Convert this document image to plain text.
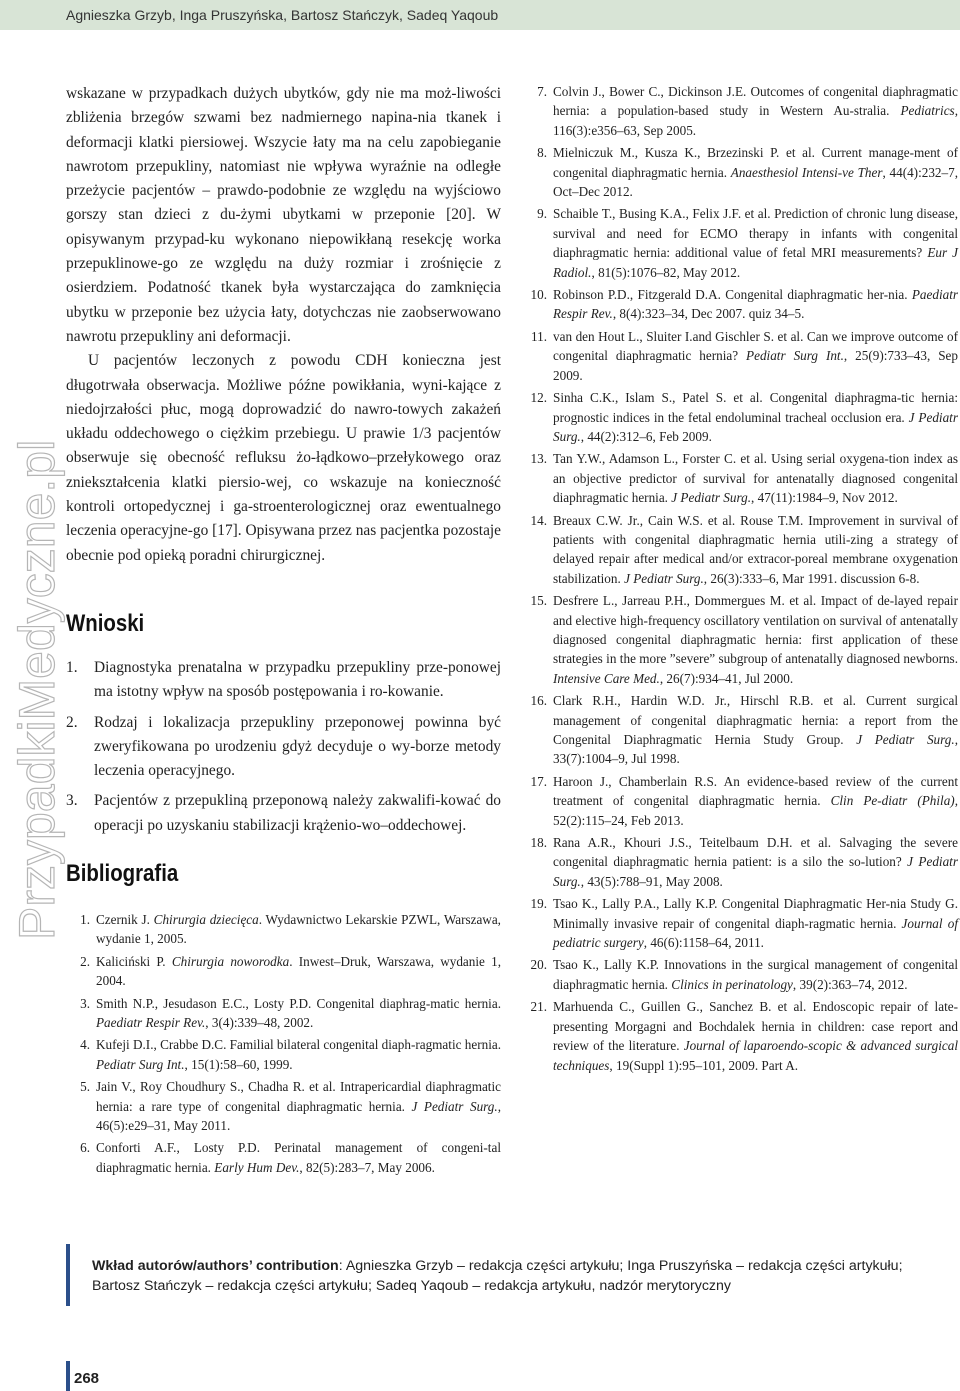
Agnieszka Grzyb, Inga Pruszyńska, Bartosz Stańczyk, Sadeq Yaqoub
PrzypadkiMedyczne.pl

wskazane w przypadkach dużych ubytków, gdy nie ma moż-liwości zbliżenia brzegów szwami bez nadmiernego napina-nia tkanek i deformacji klatki piersiowej. Wszycie łaty ma na celu zapobieganie nawrotom przepukliny, natomiast nie wpływa wyraźnie na odległe przeżycie pacjentów – prawdo-podobnie ze względu na wyjściowo gorszy stan dzieci z du-żymi ubytkami w przeponie [20]. W opisywanym przypad-ku wykonano niepowikłaną resekcję worka przepuklinowe-go ze względu na duży rozmiar i zrośnięcie z osierdziem. Podatność tkanek była wystarczająca do zamknięcia ubytku w przeponie bez użycia łaty, dotychczas nie zaobserwowano nawrotu przepukliny ani deformacji.

U pacjentów leczonych z powodu CDH konieczna jest długotrwała obserwacja. Możliwe późne powikłania, wyni-kające z niedojrzałości płuc, mogą doprowadzić do nawro-towych zakażeń układu oddechowego o ciężkim przebiegu. U prawie 1/3 pacjentów obserwuje się obecność refluksu żo-łądkowo–przełykowego oraz zniekształcenia klatki piersio-wej, co wskazuje na konieczność kontroli ortopedycznej i ga-stroenterologicznej oraz ewentualnego leczenia operacyjne-go [17]. Opisywana przez nas pacjentka pozostaje obecnie pod opieką poradni chirurgicznej.

Wnioski
1.	Diagnostyka prenatalna w przypadku przepukliny prze-ponowej ma istotny wpływ na sposób postępowania i ro-kowanie.
2.	Rodzaj i lokalizacja przepukliny przeponowej powinna być zweryfikowana po urodzeniu gdyż decyduje o wy-borze metody leczenia operacyjnego.
3.	Pacjentów z przepukliną przeponową należy zakwalifi-kować do operacji po uzyskaniu stabilizacji krążenio-wo–oddechowej.
Bibliografia
1. Czernik J. Chirurgia dziecięca. Wydawnictwo Lekarskie PZWL, Warszawa, wydanie 1, 2005.
2. Kaliciński P. Chirurgia noworodka. Inwest–Druk, Warszawa, wydanie 1, 2004.
3. Smith N.P., Jesudason E.C., Losty P.D. Congenital diaphrag-matic hernia. Paediatr Respir Rev., 3(4):339–48, 2002.
4. Kufeji D.I., Crabbe D.C. Familial bilateral congenital diaph-ragmatic hernia. Pediatr Surg Int., 15(1):58–60, 1999.
5. Jain V., Roy Choudhury S., Chadha R. et al. Intrapericardial diaphragmatic hernia: a rare type of congenital diaphragmatic hernia. J Pediatr Surg., 46(5):e29–31, May 2011.
6. Conforti A.F., Losty P.D. Perinatal management of congeni-tal diaphragmatic hernia. Early Hum Dev., 82(5):283–7, May 2006.
7. Colvin J., Bower C., Dickinson J.E. Outcomes of congenital diaphragmatic hernia: a population-based study in Western Au-stralia. Pediatrics, 116(3):e356–63, Sep 2005.
8. Mielniczuk M., Kusza K., Brzezinski P. et al. Current manage-ment of congenital diaphragmatic hernia. Anaesthesiol Intensi-ve Ther, 44(4):232–7, Oct–Dec 2012.
9. Schaible T., Busing K.A., Felix J.F. et al. Prediction of chronic lung disease, survival and need for ECMO therapy in infants with congenital diaphragmatic hernia: additional value of fetal MRI measurements? Eur J Radiol., 81(5):1076–82, May 2012.
10. Robinson P.D., Fitzgerald D.A. Congenital diaphragmatic her-nia. Paediatr Respir Rev., 8(4):323–34, Dec 2007. quiz 34–5.
11. van den Hout L., Sluiter I.and Gischler S. et al. Can we improve outcome of congenital diaphragmatic hernia? Pediatr Surg Int., 25(9):733–43, Sep 2009.
12. Sinha C.K., Islam S., Patel S. et al. Congenital diaphragma-tic hernia: prognostic indices in the fetal endoluminal tracheal occlusion era. J Pediatr Surg., 44(2):312–6, Feb 2009.
13. Tan Y.W., Adamson L., Forster C. et al. Using serial oxygena-tion index as an objective predictor of survival for antenatally diagnosed congenital diaphragmatic hernia. J Pediatr Surg., 47(11):1984–9, Nov 2012.
14. Breaux C.W. Jr., Cain W.S. et al. Rouse T.M. Improvement in survival of patients with congenital diaphragmatic hernia utili-zing a strategy of delayed repair after medical and/or extracor-poreal membrane oxygenation stabilization. J Pediatr Surg., 26(3):333–6, Mar 1991. discussion 6-8.
15. Desfrere L., Jarreau P.H., Dommergues M. et al. Impact of de-layed repair and elective high-frequency oscillatory ventilation on survival of antenatally diagnosed congenital diaphragmatic hernia: first application of these strategies in the more ”severe” subgroup of antenatally diagnosed newborns. Intensive Care Med., 26(7):934–41, Jul 2000.
16. Clark R.H., Hardin W.D. Jr., Hirschl R.B. et al. Current surgical management of congenital diaphragmatic hernia: a report from the Congenital Diaphragmatic Hernia Study Group. J Pediatr Surg., 33(7):1004–9, Jul 1998.
17. Haroon J., Chamberlain R.S. An evidence-based review of the current treatment of congenital diaphragmatic hernia. Clin Pe-diatr (Phila), 52(2):115–24, Feb 2013.
18. Rana A.R., Khouri J.S., Teitelbaum D.H. et al. Salvaging the severe congenital diaphragmatic hernia patient: is a silo the so-lution? J Pediatr Surg., 43(5):788–91, May 2008.
19. Tsao K., Lally P.A., Lally K.P. Congenital Diaphragmatic Her-nia Study G. Minimally invasive repair of congenital diaph-ragmatic hernia. Journal of pediatric surgery, 46(6):1158–64, 2011.
20. Tsao K., Lally K.P. Innovations in the surgical management of congenital diaphragmatic hernia. Clinics in perinatology, 39(2):363–74, 2012.
21. Marhuenda C., Guillen G., Sanchez B. et al. Endoscopic repair of late-presenting Morgagni and Bochdalek hernia in children: case report and review of the literature. Journal of laparoendo-scopic & advanced surgical techniques, 19(Suppl 1):95–101, 2009. Part A.
Wkład autorów/authors’ contribution: Agnieszka Grzyb – redakcja części artykułu; Inga Pruszyńska – redakcja części artykułu; Bartosz Stańczyk – redakcja części artykułu; Sadeq Yaqoub – redakcja artykułu, nadzór merytoryczny
268
